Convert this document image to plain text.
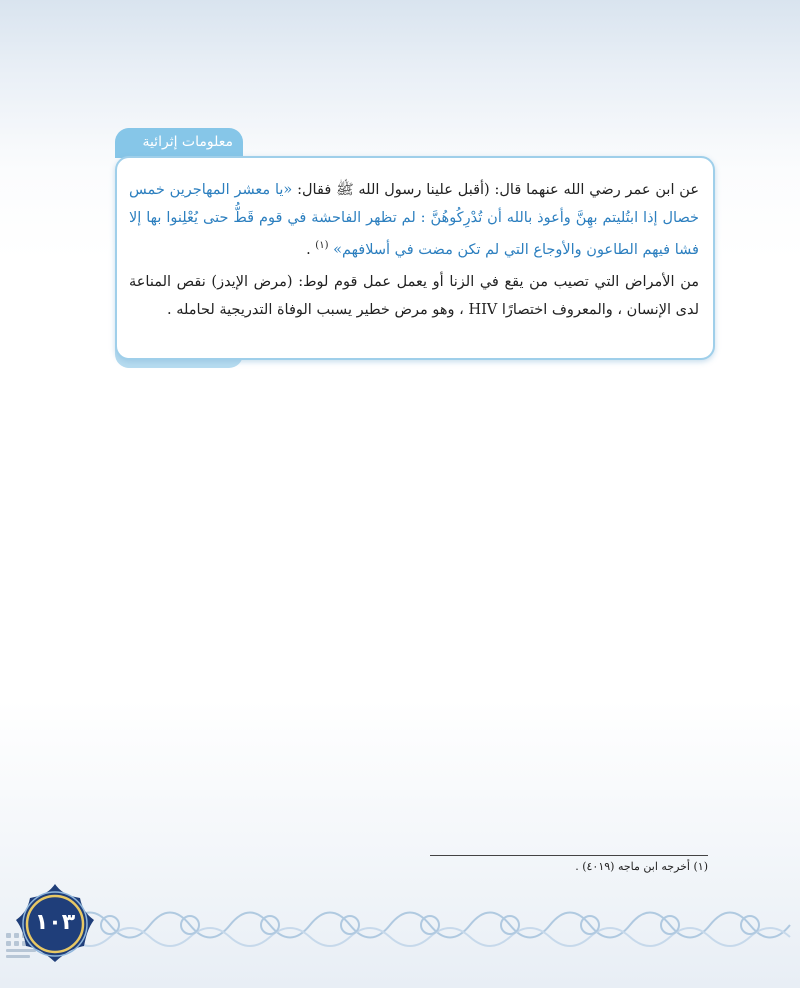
معلومات إثرائية

عن ابن عمر رضي الله عنهما قال: (أقبل علينا رسول الله ﷺ فقال: «يا معشر المهاجرين خمس خصال إذا ابتُليتم بهِنَّ وأعوذ بالله أن تُدْرِكُوهُنَّ : لم تظهر الفاحشة في قوم قَطُّ حتى يُعْلِنوا بها إلا فشا فيهم الطاعون والأوجاع التي لم تكن مضت في أسلافهم» $^{(١)}$ .

من الأمراض التي تصيب من يقع في الزنا أو يعمل عمل قوم لوط: (مرض الإيدز) نقص المناعة لدى الإنسان ، والمعروف اختصارًا HIV ، وهو مرض خطير يسبب الوفاة التدريجية لحامله .

(١) أخرجه ابن ماجه (٤٠١٩) .
١٠٣
